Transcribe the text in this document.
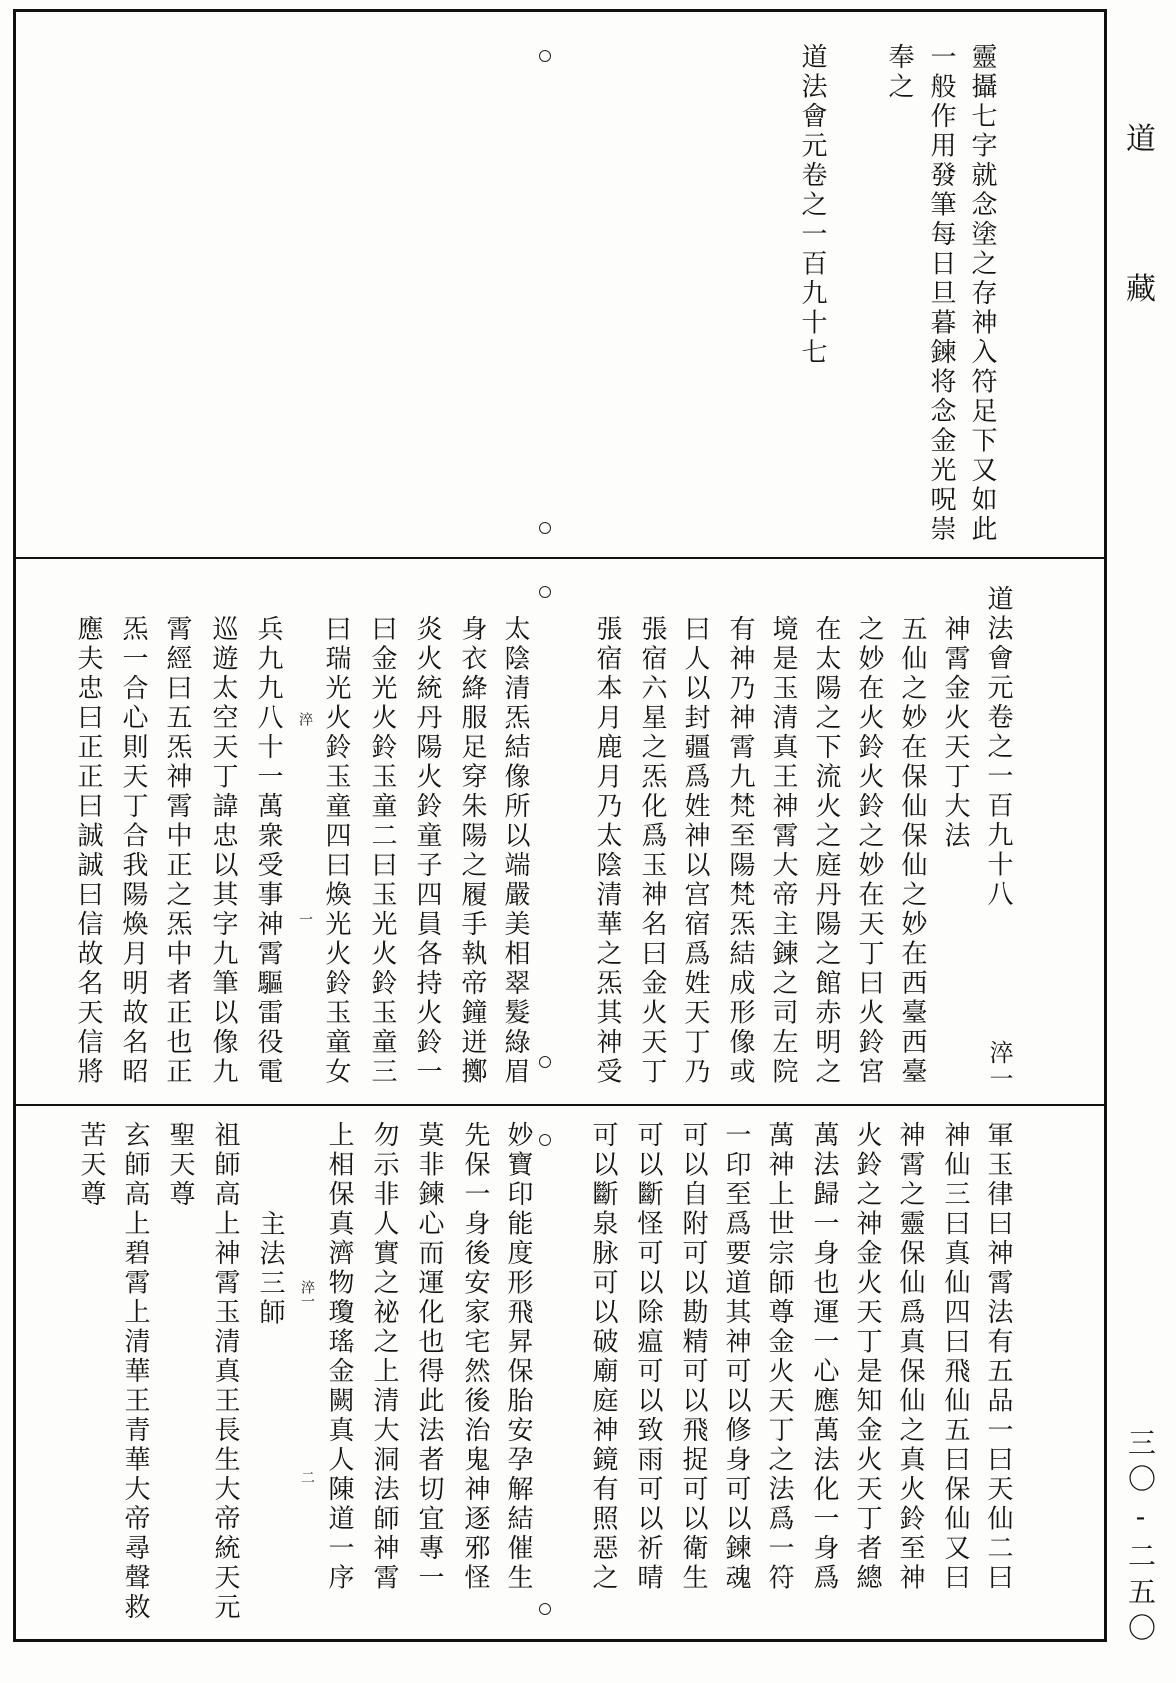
靈攝七字就念塗之存神入符足下又如此
一般作用發筆每日旦暮鍊将念金光呪崇
奉之
道法會元卷之一百九十七
淬一
淬
一
道法會元卷之一百九十八
神霄金火天丁大法
五仙之妙在保仙保仙之妙在西臺西臺
之妙在火鈴火鈴之妙在天丁曰火鈴宮
在太陽之下流火之庭丹陽之館赤明之
境是玉清真王神霄大帝主鍊之司左院
有神乃神霄九梵至陽梵炁結成形像或
曰人以封疆爲姓神以宫宿爲姓天丁乃
張宿六星之炁化爲玉神名曰金火天丁
張宿本月鹿月乃太陰清華之炁其神受
太陰清炁結像所以端嚴美相翠髮綠眉
身衣絳服足穿朱陽之履手執帝鐘迸擲
炎火統丹陽火鈴童子四員各持火鈴一
曰金光火鈴玉童二曰玉光火鈴玉童三
曰瑞光火鈴玉童四曰煥光火鈴玉童女
兵九九八十一萬衆受事神霄驅雷役電
巡遊太空天丁諱忠以其字九筆以像九
霄經曰五炁神霄中正之炁中者正也正
炁一合心則天丁合我陽煥月明故名昭
應夫忠曰正正曰誠誠曰信故名天信將
淬一
二	軍玉律曰神霄法有五品一曰天仙二曰
神仙三曰真仙四曰飛仙五曰保仙又曰
神霄之靈保仙爲真保仙之真火鈴至神
火鈴之神金火天丁是知金火天丁者總
萬法歸一身也運一心應萬法化一身爲
萬神上世宗師尊金火天丁之法爲一符
一印至爲要道其神可以修身可以鍊魂
可以自附可以勘精可以飛捉可以衛生
可以斷怪可以除瘟可以致雨可以祈晴
可以斷泉脉可以破廟庭神鏡有照惡之
妙寶印能度形飛昇保胎安孕解結催生
先保一身後安家宅然後治鬼神逐邪怪
莫非鍊心而運化也得此法者切宜專一
勿示非人實之祕之上清大洞法師神霄
上相保真濟物瓊瑤金闕真人陳道一序
主法三師
祖師高上神霄玉清真王長生大帝統天元
聖天尊
玄師高上碧霄上清華王青華大帝尋聲救
苦天尊
道
藏
三〇-二五〇
